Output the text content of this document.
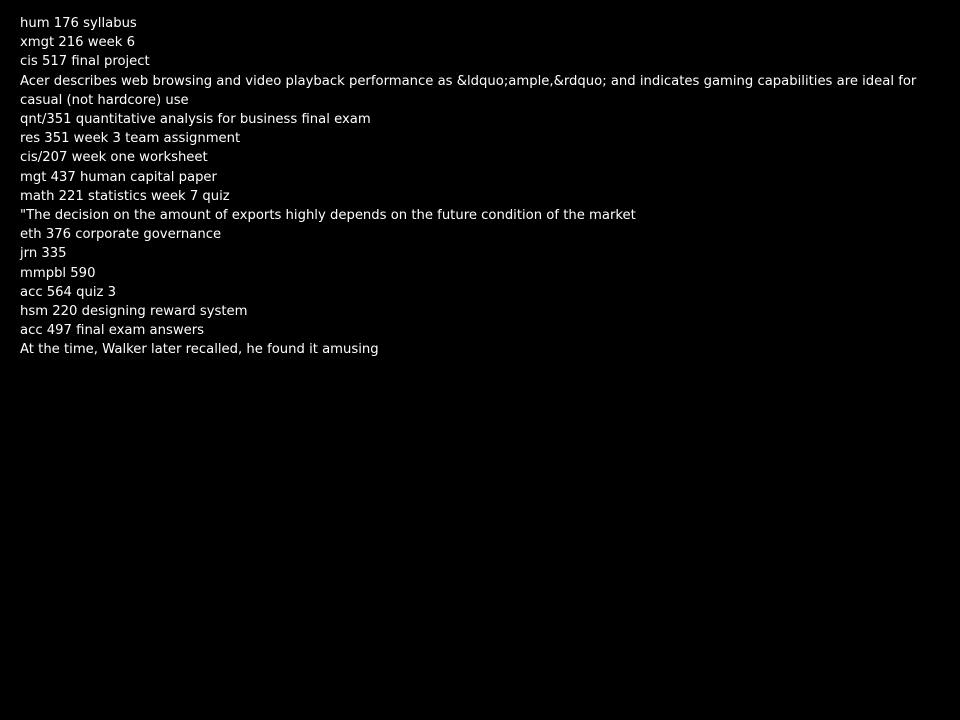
hum 176 syllabus
xmgt 216 week 6
cis 517 final project
Acer describes web browsing and video playback performance as &ldquo;ample,&rdquo; and indicates gaming capabilities are ideal for casual (not hardcore) use
qnt/351 quantitative analysis for business final exam
res 351 week 3 team assignment
cis/207 week one worksheet
mgt 437 human capital paper
math 221 statistics week 7 quiz
"The decision on the amount of exports highly depends on the future condition of the market
eth 376 corporate governance
jrn 335
mmpbl 590
acc 564 quiz 3
hsm 220 designing reward system
acc 497 final exam answers
At the time, Walker later recalled, he found it amusing
